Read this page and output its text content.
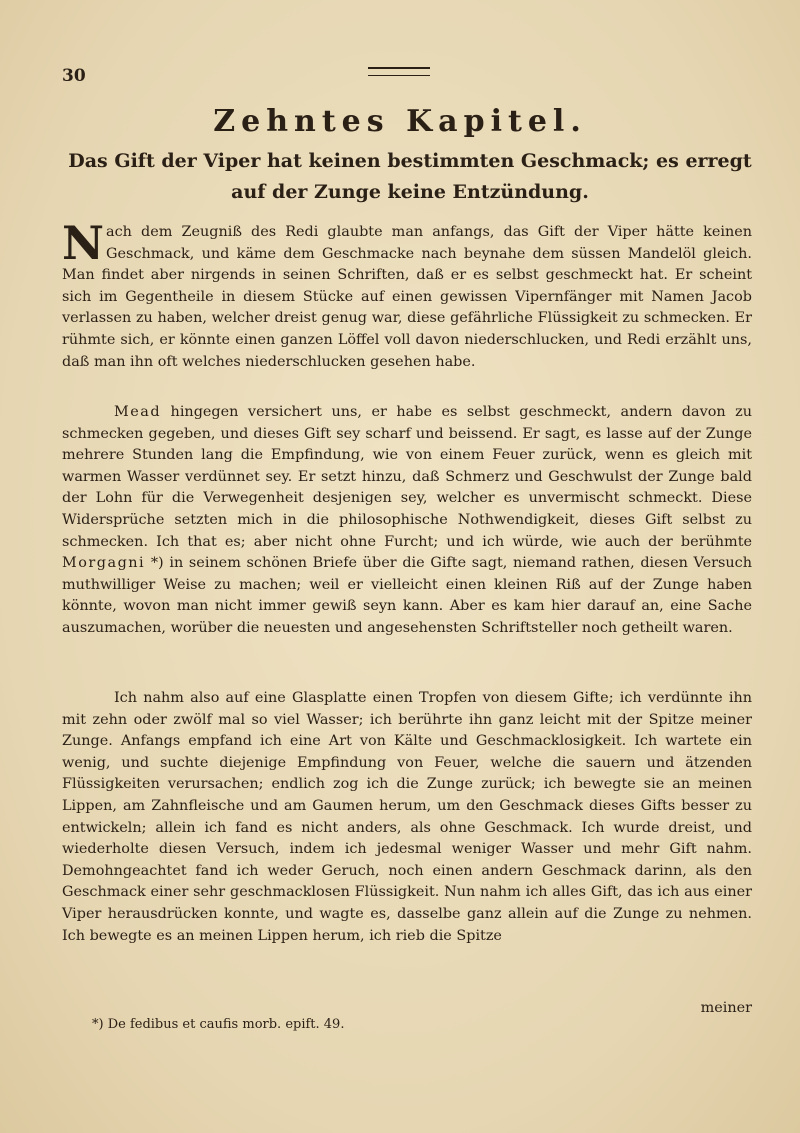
30
Zehntes Kapitel.
Das Gift der Viper hat keinen bestimmten Geschmack; es erregt auf der Zunge keine Entzündung.

Nach dem Zeugniß des Redi glaubte man anfangs, das Gift der Viper hätte keinen Geschmack, und käme dem Geschmacke nach beynahe dem süssen Mandelöl gleich. Man findet aber nirgends in seinen Schriften, daß er es selbst geschmeckt hat. Er scheint sich im Gegentheile in diesem Stücke auf einen gewissen Vipernfänger mit Namen Jacob verlassen zu haben, welcher dreist genug war, diese gefährliche Flüssigkeit zu schmecken. Er rühmte sich, er könnte einen ganzen Löffel voll davon niederschlucken, und Redi erzählt uns, daß man ihn oft welches niederschlucken gesehen habe.

Mead hingegen versichert uns, er habe es selbst geschmeckt, andern davon zu schmecken gegeben, und dieses Gift sey scharf und beissend. Er sagt, es lasse auf der Zunge mehrere Stunden lang die Empfindung, wie von einem Feuer zurück, wenn es gleich mit warmen Wasser verdünnet sey. Er setzt hinzu, daß Schmerz und Geschwulst der Zunge bald der Lohn für die Verwegenheit desjenigen sey, welcher es unvermischt schmeckt. Diese Widersprüche setzten mich in die philosophische Nothwendigkeit, dieses Gift selbst zu schmecken. Ich that es; aber nicht ohne Furcht; und ich würde, wie auch der berühmte Morgagni *) in seinem schönen Briefe über die Gifte sagt, niemand rathen, diesen Versuch muthwilliger Weise zu machen; weil er vielleicht einen kleinen Riß auf der Zunge haben könnte, wovon man nicht immer gewiß seyn kann. Aber es kam hier darauf an, eine Sache auszumachen, worüber die neuesten und angesehensten Schriftsteller noch getheilt waren.

Ich nahm also auf eine Glasplatte einen Tropfen von diesem Gifte; ich verdünnte ihn mit zehn oder zwölf mal so viel Wasser; ich berührte ihn ganz leicht mit der Spitze meiner Zunge. Anfangs empfand ich eine Art von Kälte und Geschmacklosigkeit. Ich wartete ein wenig, und suchte diejenige Empfindung von Feuer, welche die sauern und ätzenden Flüssigkeiten verursachen; endlich zog ich die Zunge zurück; ich bewegte sie an meinen Lippen, am Zahnfleische und am Gaumen herum, um den Geschmack dieses Gifts besser zu entwickeln; allein ich fand es nicht anders, als ohne Geschmack. Ich wurde dreist, und wiederholte diesen Versuch, indem ich jedesmal weniger Wasser und mehr Gift nahm. Demohngeachtet fand ich weder Geruch, noch einen andern Geschmack darinn, als den Geschmack einer sehr geschmacklosen Flüssigkeit. Nun nahm ich alles Gift, das ich aus einer Viper herausdrücken konnte, und wagte es, dasselbe ganz allein auf die Zunge zu nehmen. Ich bewegte es an meinen Lippen herum, ich rieb die Spitze

meiner
*) De fedibus et caufis morb. epift. 49.
